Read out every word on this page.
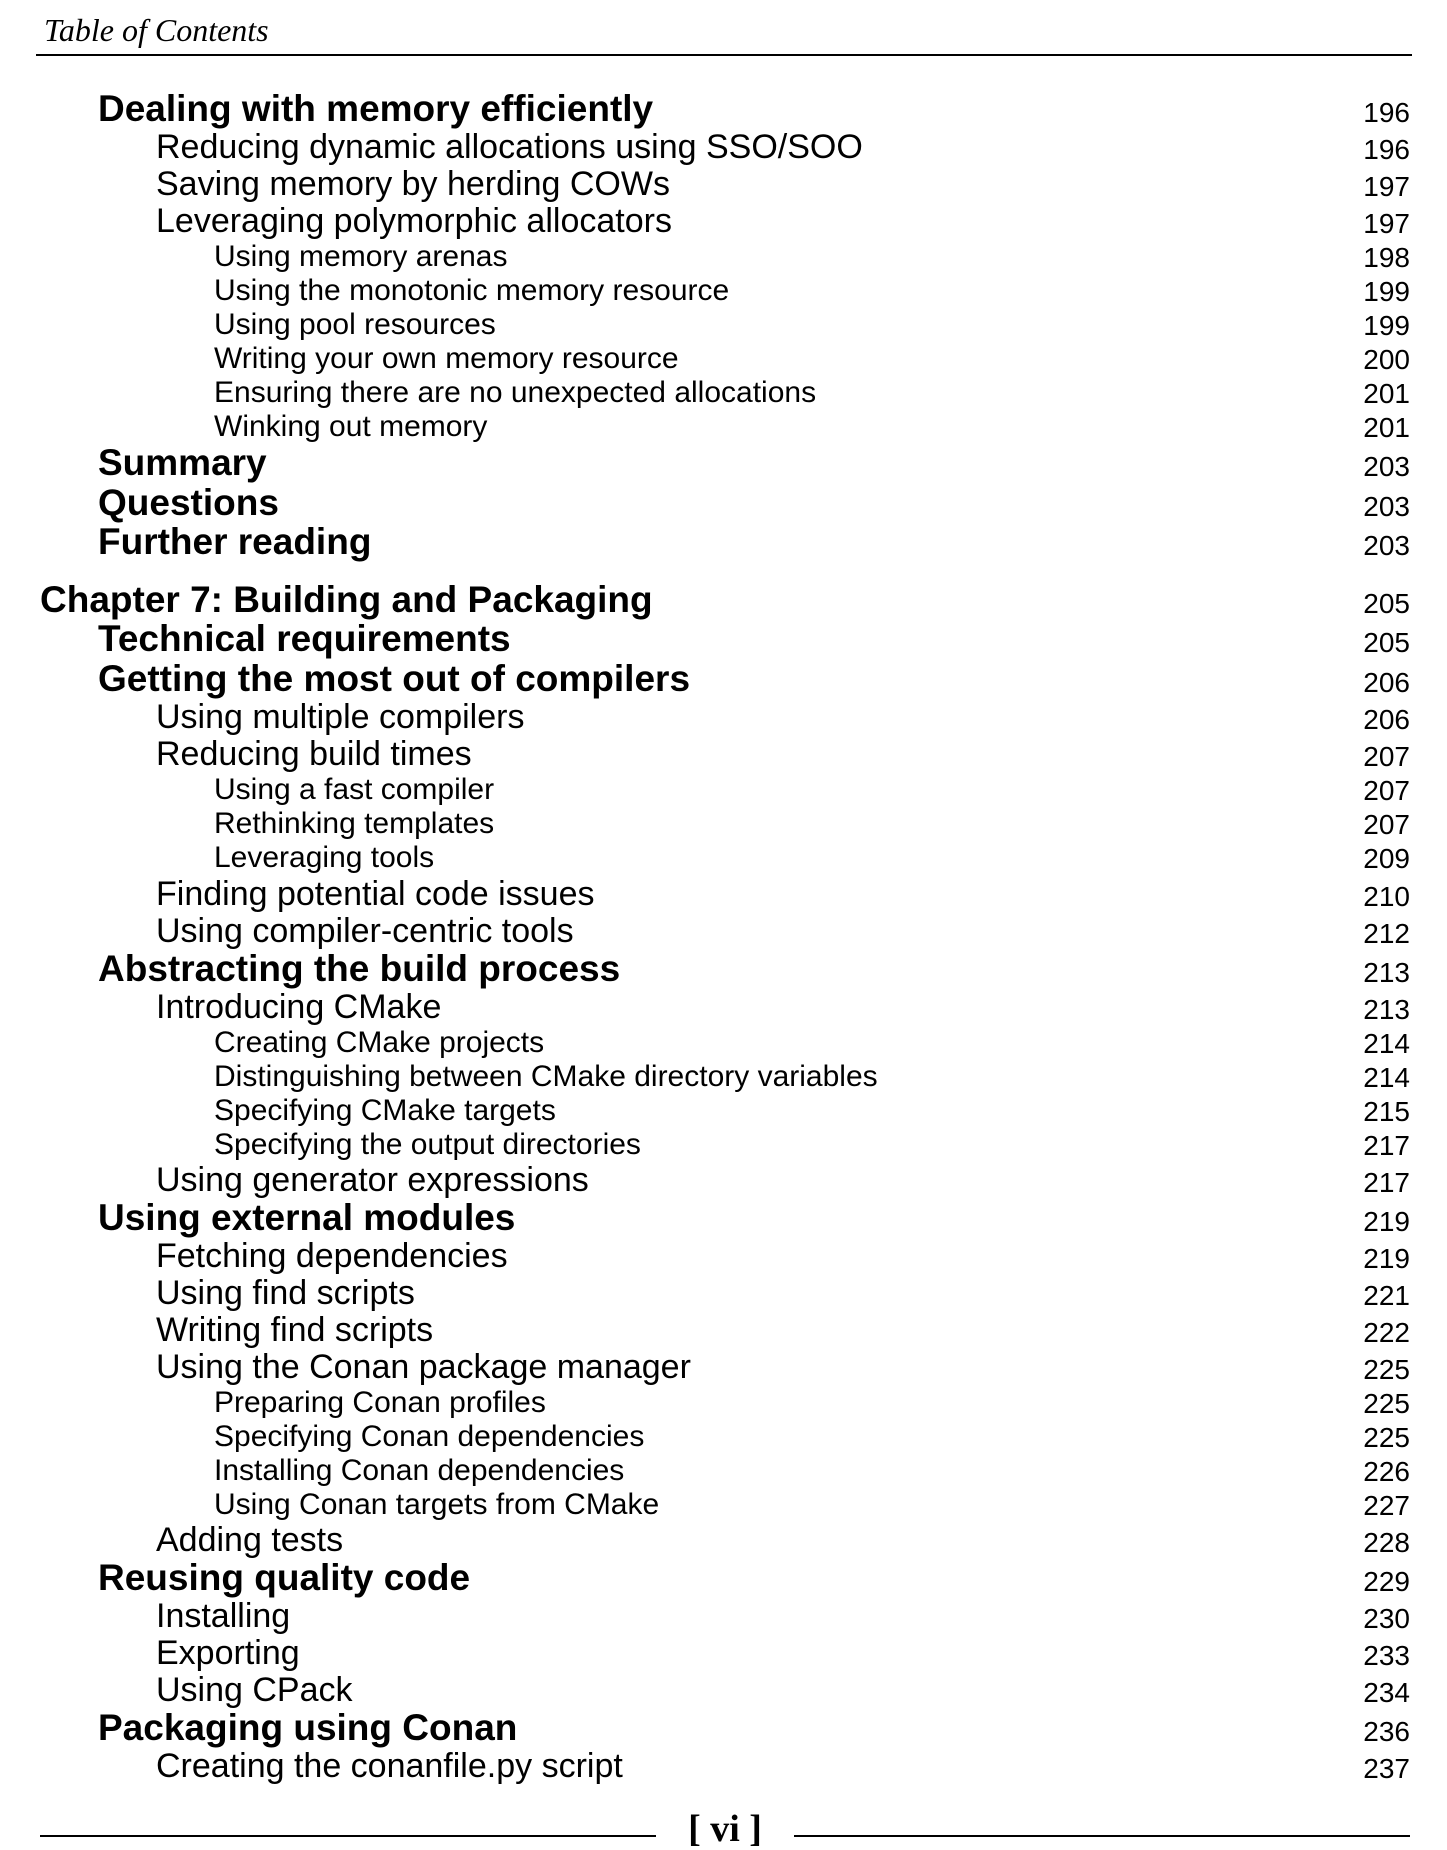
Table of Contents
Dealing with memory efficiently	196
Reducing dynamic allocations using SSO/SOO	196
Saving memory by herding COWs	197
Leveraging polymorphic allocators	197
Using memory arenas	198
Using the monotonic memory resource	199
Using pool resources	199
Writing your own memory resource	200
Ensuring there are no unexpected allocations	201
Winking out memory	201
Summary	203
Questions	203
Further reading	203
Chapter 7: Building and Packaging	205
Technical requirements	205
Getting the most out of compilers	206
Using multiple compilers	206
Reducing build times	207
Using a fast compiler	207
Rethinking templates	207
Leveraging tools	209
Finding potential code issues	210
Using compiler-centric tools	212
Abstracting the build process	213
Introducing CMake	213
Creating CMake projects	214
Distinguishing between CMake directory variables	214
Specifying CMake targets	215
Specifying the output directories	217
Using generator expressions	217
Using external modules	219
Fetching dependencies	219
Using find scripts	221
Writing find scripts	222
Using the Conan package manager	225
Preparing Conan profiles	225
Specifying Conan dependencies	225
Installing Conan dependencies	226
Using Conan targets from CMake	227
Adding tests	228
Reusing quality code	229
Installing	230
Exporting	233
Using CPack	234
Packaging using Conan	236
Creating the conanfile.py script	237
[ vi ]
